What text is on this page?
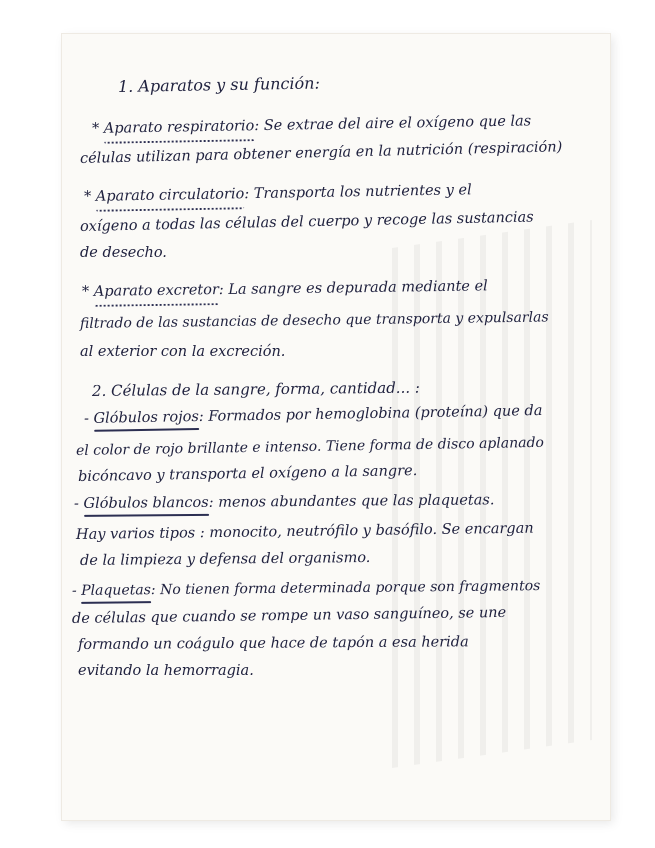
1. Aparatos y su función:
* Aparato respiratorio: Se extrae del aire el oxígeno que las
células utilizan para obtener energía en la nutrición (respiración)
* Aparato circulatorio: Transporta los nutrientes y el
oxígeno a todas las células del cuerpo y recoge las sustancias
de desecho.
* Aparato excretor: La sangre es depurada mediante el
filtrado de las sustancias de desecho que transporta y expulsarlas
al exterior con la excreción.
2. Células de la sangre, forma, cantidad... :
- Glóbulos rojos: Formados por hemoglobina (proteína) que da
el color de rojo brillante e intenso. Tiene forma de disco aplanado
bicóncavo y transporta el oxígeno a la sangre.
- Glóbulos blancos: menos abundantes que las plaquetas.
Hay varios tipos : monocito, neutrófilo y basófilo. Se encargan
de la limpieza y defensa del organismo.
- Plaquetas: No tienen forma determinada porque son fragmentos
de células que cuando se rompe un vaso sanguíneo, se une
formando un coágulo que hace de tapón a esa herida
evitando la hemorragia.
